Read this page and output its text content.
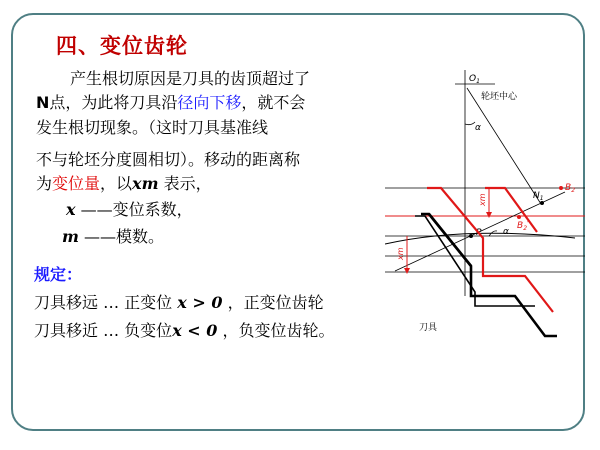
四、变位齿轮
产生根切原因是刀具的齿顶超过了
N点，为此将刀具沿径向下移，就不会
发生根切现象。（这时刀具基准线
不与轮坯分度圆相切）。移动的距离称
为变位量，以xm 表示，
x ——变位系数，
m ——模数。
规定：
刀具移远 … 正变位 x > 0 ，正变位齿轮
刀具移近 … 负变位x < 0 ，负变位齿轮。
$O_1$
轮坯中心
α
xm
xm
$N_1$
$B_2$
$B_2'$
P α
刀具
